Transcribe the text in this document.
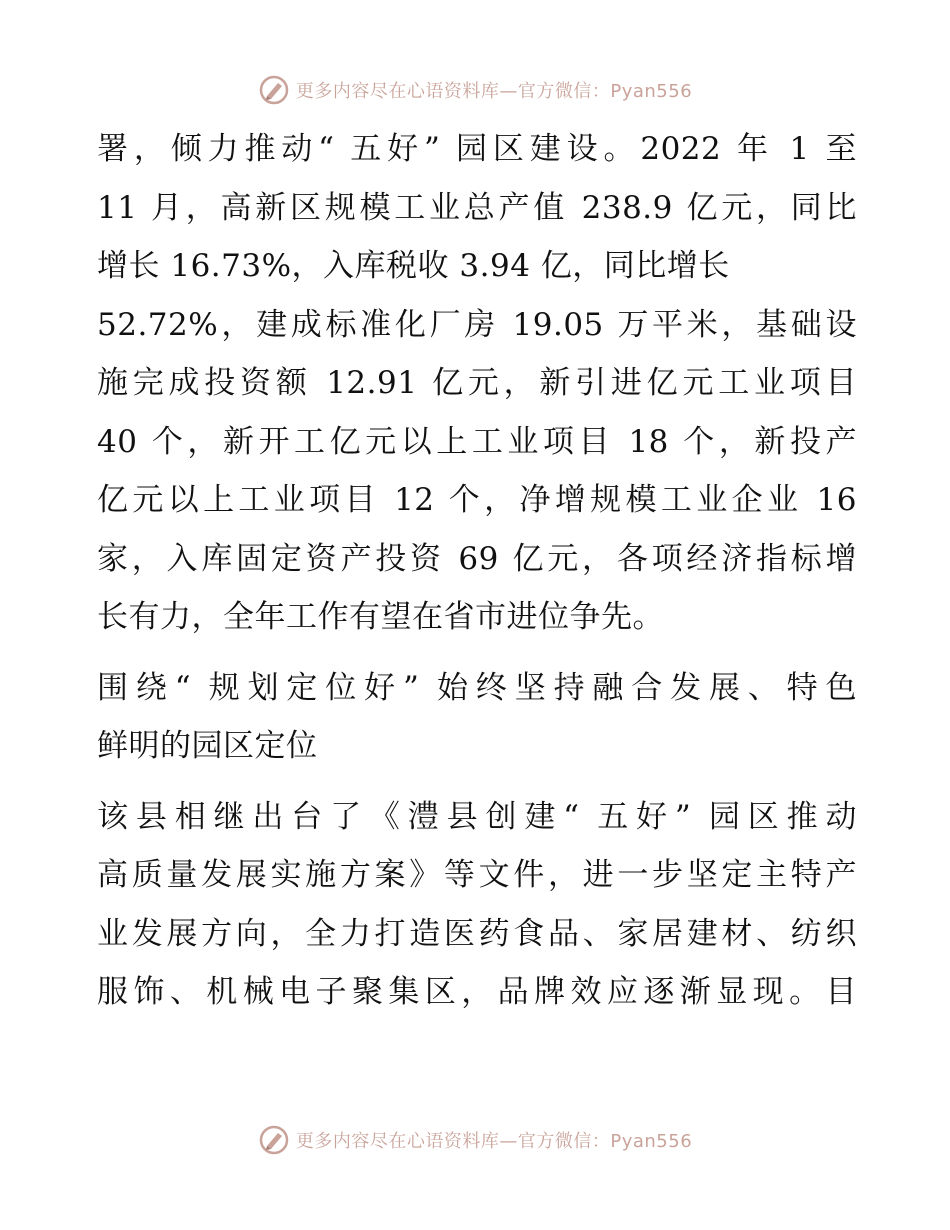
更多内容尽在心语资料库—官方微信：Pyan556
署，倾力推动“ 五好” 园区建设。2022 年 1 至
11 月，高新区规模工业总产值 238.9 亿元，同比
增长 16.73%，入库税收 3.94 亿，同比增长
52.72%，建成标准化厂房 19.05 万平米，基础设
施完成投资额 12.91 亿元，新引进亿元工业项目
40 个，新开工亿元以上工业项目 18 个，新投产
亿元以上工业项目 12 个，净增规模工业企业 16
家，入库固定资产投资 69 亿元，各项经济指标增
长有力，全年工作有望在省市进位争先。
围绕“ 规划定位好” 始终坚持融合发展、特色
鲜明的园区定位
该县相继出台了《澧县创建“ 五好” 园区推动
高质量发展实施方案》等文件，进一步坚定主特产
业发展方向，全力打造医药食品、家居建材、纺织
服饰、机械电子聚集区，品牌效应逐渐显现。目
更多内容尽在心语资料库—官方微信：Pyan556
